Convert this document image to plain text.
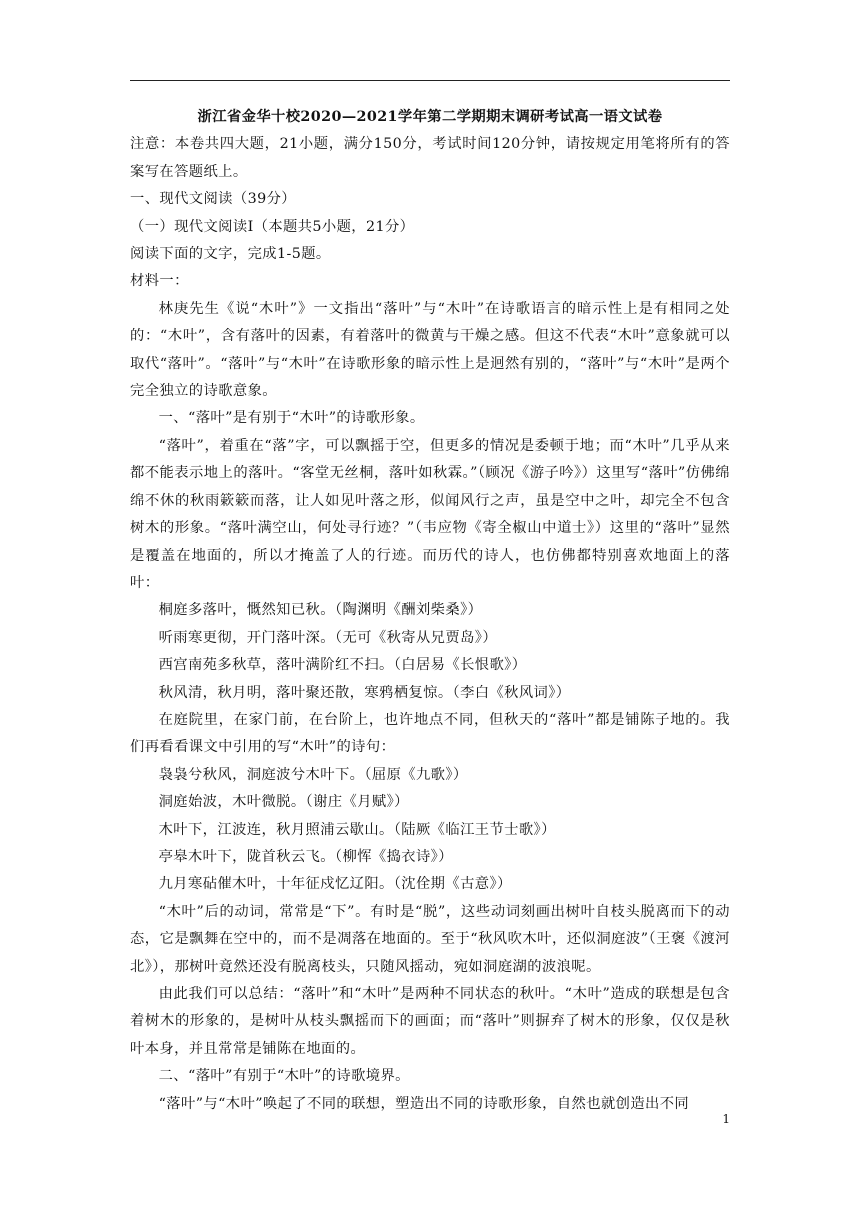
浙江省金华十校2020—2021学年第二学期期末调研考试高一语文试卷

注意：本卷共四大题，21小题，满分150分，考试时间120分钟，请按规定用笔将所有的答案写在答题纸上。

一、现代文阅读（39分）

（一）现代文阅读Ⅰ（本题共5小题，21分）

阅读下面的文字，完成1-5题。

材料一：

林庚先生《说“木叶”》一文指出“落叶”与“木叶”在诗歌语言的暗示性上是有相同之处的：“木叶”，含有落叶的因素，有着落叶的微黄与干燥之感。但这不代表“木叶”意象就可以取代“落叶”。“落叶”与“木叶”在诗歌形象的暗示性上是迥然有别的，“落叶”与“木叶”是两个完全独立的诗歌意象。

一、“落叶”是有别于“木叶”的诗歌形象。

“落叶”，着重在“落”字，可以飘摇于空，但更多的情况是委顿于地；而“木叶”几乎从来都不能表示地上的落叶。“客堂无丝桐，落叶如秋霖。”（顾况《游子吟》）这里写“落叶”仿佛绵绵不休的秋雨簌簌而落，让人如见叶落之形，似闻风行之声，虽是空中之叶，却完全不包含树木的形象。“落叶满空山，何处寻行迹？”（韦应物《寄全椒山中道士》）这里的“落叶”显然是覆盖在地面的，所以才掩盖了人的行迹。而历代的诗人，也仿佛都特别喜欢地面上的落叶：

桐庭多落叶，慨然知已秋。（陶渊明《酬刘柴桑》）

听雨寒更彻，开门落叶深。（无可《秋寄从兄贾岛》）

西宫南苑多秋草，落叶满阶红不扫。（白居易《长恨歌》）

秋风清，秋月明，落叶聚还散，寒鸦栖复惊。（李白《秋风词》）

在庭院里，在家门前，在台阶上，也许地点不同，但秋天的“落叶”都是铺陈子地的。我们再看看课文中引用的写“木叶”的诗句：

袅袅兮秋风，洞庭波兮木叶下。（屈原《九歌》）

洞庭始波，木叶微脱。（谢庄《月赋》）

木叶下，江波连，秋月照浦云歇山。（陆厥《临江王节士歌》）

亭皋木叶下，陇首秋云飞。（柳恽《捣衣诗》）

九月寒砧催木叶，十年征戍忆辽阳。（沈佺期《古意》）

“木叶”后的动词，常常是“下”。有时是“脱”，这些动词刻画出树叶自枝头脱离而下的动态，它是飘舞在空中的，而不是凋落在地面的。至于“秋风吹木叶，还似洞庭波”（王褒《渡河北》），那树叶竟然还没有脱离枝头，只随风摇动，宛如洞庭湖的波浪呢。

由此我们可以总结：“落叶”和“木叶”是两种不同状态的秋叶。“木叶”造成的联想是包含着树木的形象的，是树叶从枝头飘摇而下的画面；而“落叶”则摒弃了树木的形象，仅仅是秋叶本身，并且常常是铺陈在地面的。

二、“落叶”有别于“木叶”的诗歌境界。

“落叶”与“木叶”唤起了不同的联想，塑造出不同的诗歌形象，自然也就创造出不同

1
